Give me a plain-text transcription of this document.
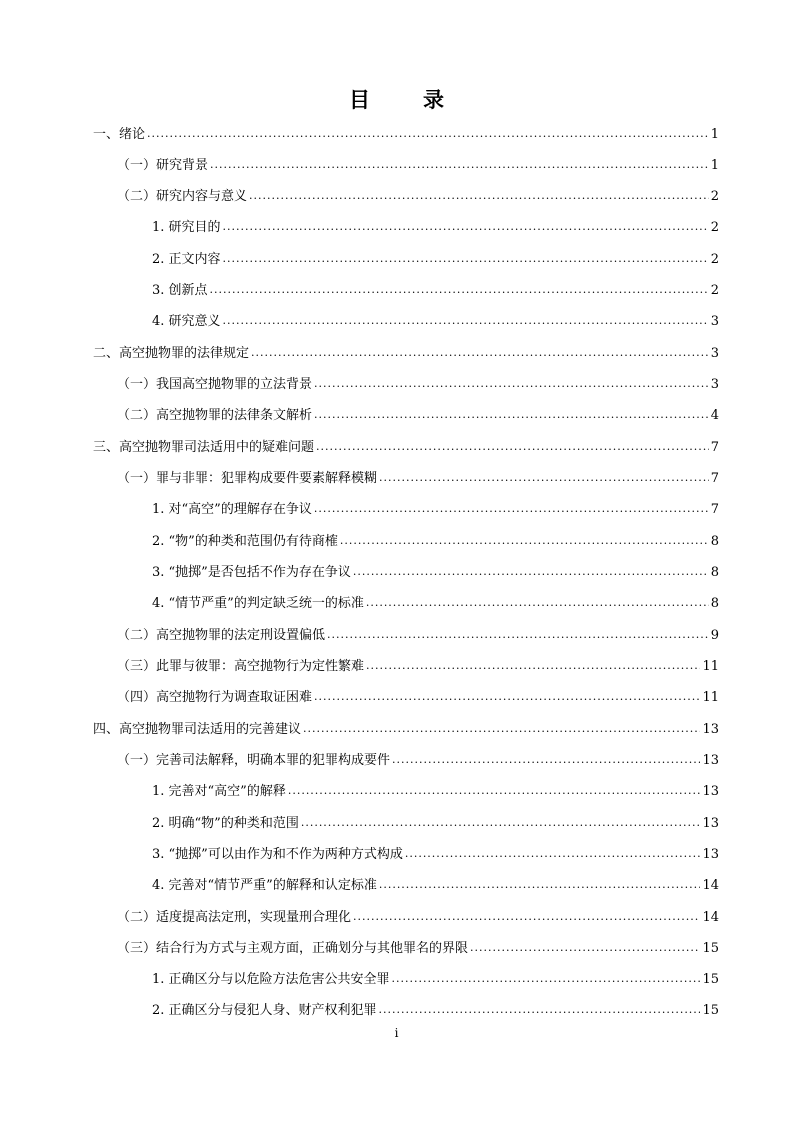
目　录
一、绪论 .....	1
（一）研究背景 .....	1
（二）研究内容与意义 .....	2
1. 研究目的 .....	2
2. 正文内容 .....	2
3. 创新点 .....	2
4. 研究意义 .....	3
二、高空抛物罪的法律规定 .....	3
（一）我国高空抛物罪的立法背景 .....	3
（二）高空抛物罪的法律条文解析 .....	4
三、高空抛物罪司法适用中的疑难问题 .....	7
（一）罪与非罪：犯罪构成要件要素解释模糊 .....	7
1. 对“高空”的理解存在争议 .....	7
2. “物”的种类和范围仍有待商榷 .....	8
3. “抛掷”是否包括不作为存在争议 .....	8
4. “情节严重”的判定缺乏统一的标准 .....	8
（二）高空抛物罪的法定刑设置偏低 .....	9
（三）此罪与彼罪：高空抛物行为定性繁难 .....	11
（四）高空抛物行为调查取证困难 .....	11
四、高空抛物罪司法适用的完善建议 .....	13
（一）完善司法解释，明确本罪的犯罪构成要件 .....	13
1. 完善对“高空”的解释 .....	13
2. 明确“物”的种类和范围 .....	13
3. “抛掷”可以由作为和不作为两种方式构成 .....	13
4. 完善对“情节严重”的解释和认定标准 .....	14
（二）适度提高法定刑，实现量刑合理化 .....	14
（三）结合行为方式与主观方面，正确划分与其他罪名的界限 .....	15
1. 正确区分与以危险方法危害公共安全罪 .....	15
2. 正确区分与侵犯人身、财产权利犯罪 .....	15
i
